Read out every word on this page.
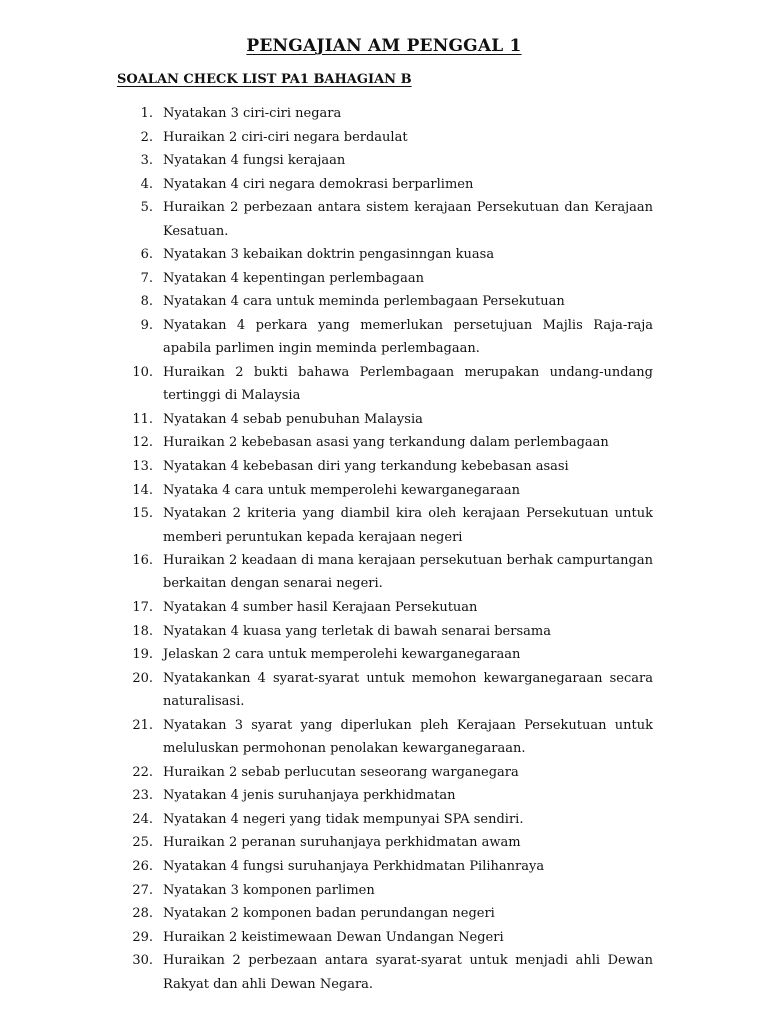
PENGAJIAN AM PENGGAL 1
SOALAN CHECK LIST PA1 BAHAGIAN B
1. Nyatakan 3 ciri-ciri negara
2. Huraikan 2 ciri-ciri negara berdaulat
3. Nyatakan 4 fungsi kerajaan
4. Nyatakan 4 ciri negara demokrasi berparlimen
5. Huraikan 2 perbezaan antara sistem kerajaan Persekutuan dan Kerajaan Kesatuan.
6. Nyatakan 3 kebaikan doktrin pengasinngan kuasa
7. Nyatakan 4 kepentingan perlembagaan
8. Nyatakan 4 cara untuk meminda perlembagaan Persekutuan
9. Nyatakan 4 perkara yang memerlukan persetujuan Majlis Raja-raja apabila parlimen ingin meminda perlembagaan.
10. Huraikan 2 bukti bahawa Perlembagaan merupakan undang-undang tertinggi di Malaysia
11. Nyatakan 4 sebab penubuhan Malaysia
12. Huraikan 2 kebebasan asasi yang terkandung dalam perlembagaan
13. Nyatakan 4 kebebasan diri yang terkandung kebebasan asasi
14. Nyataka 4 cara untuk memperolehi kewarganegaraan
15. Nyatakan 2 kriteria yang diambil kira oleh kerajaan Persekutuan untuk memberi peruntukan kepada kerajaan negeri
16. Huraikan 2 keadaan di mana kerajaan persekutuan berhak campurtangan berkaitan dengan senarai negeri.
17. Nyatakan 4 sumber hasil Kerajaan Persekutuan
18. Nyatakan 4 kuasa yang terletak di bawah senarai bersama
19. Jelaskan 2 cara untuk memperolehi kewarganegaraan
20. Nyatakankan 4 syarat-syarat untuk memohon kewarganegaraan secara naturalisasi.
21. Nyatakan 3 syarat yang diperlukan pleh Kerajaan Persekutuan untuk meluluskan permohonan penolakan kewarganegaraan.
22. Huraikan 2 sebab perlucutan seseorang warganegara
23. Nyatakan 4 jenis suruhanjaya perkhidmatan
24. Nyatakan 4 negeri yang tidak mempunyai SPA sendiri.
25. Huraikan 2 peranan suruhanjaya perkhidmatan awam
26. Nyatakan 4 fungsi suruhanjaya Perkhidmatan Pilihanraya
27. Nyatakan 3 komponen parlimen
28. Nyatakan 2 komponen badan perundangan negeri
29. Huraikan 2 keistimewaan Dewan Undangan Negeri
30. Huraikan 2 perbezaan antara syarat-syarat untuk menjadi ahli Dewan Rakyat dan ahli Dewan Negara.
